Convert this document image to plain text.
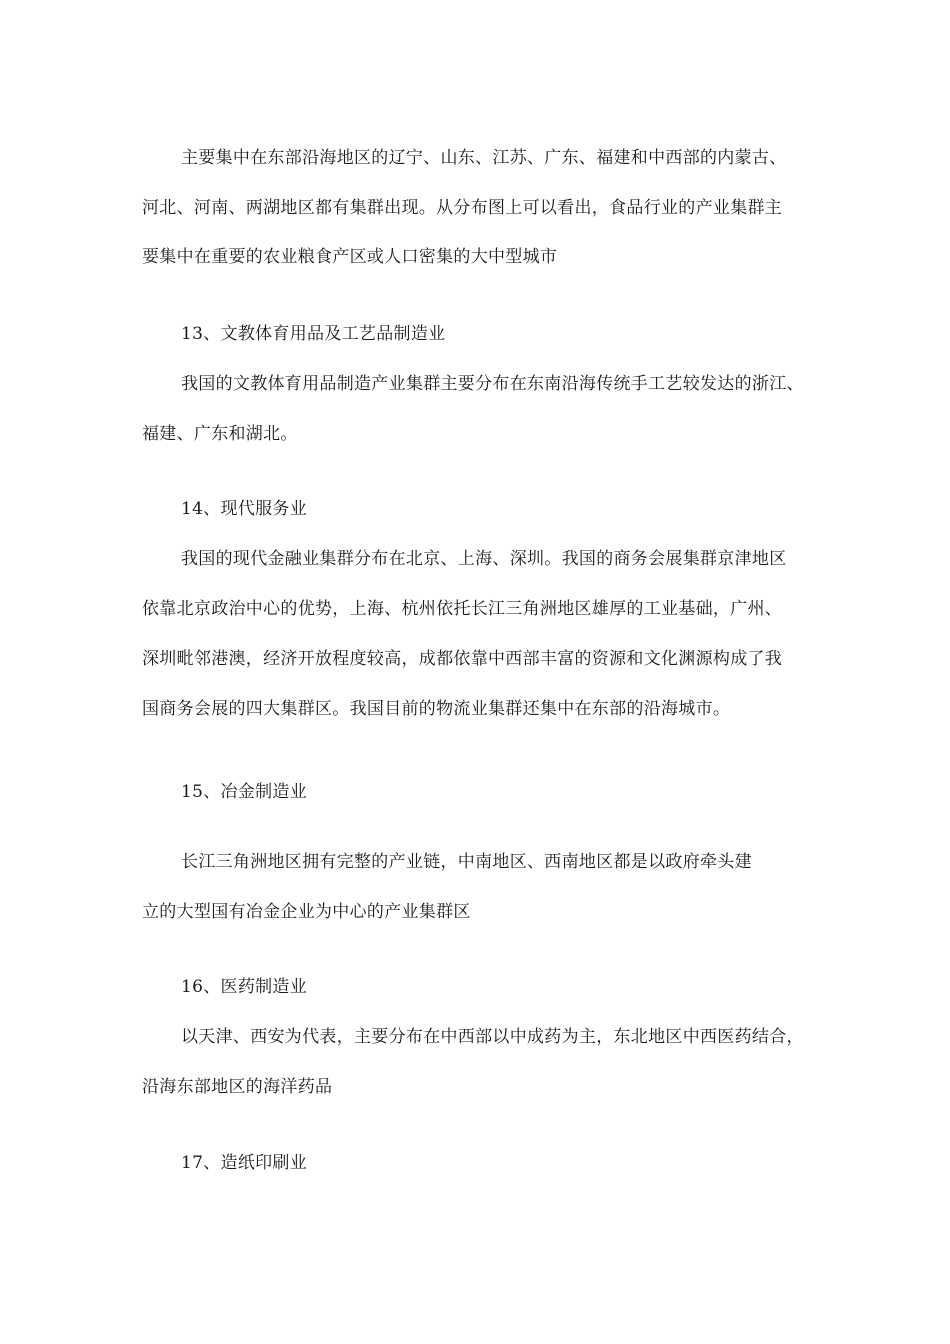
主要集中在东部沿海地区的辽宁、山东、江苏、广东、福建和中西部的内蒙古、
河北、河南、两湖地区都有集群出现。从分布图上可以看出，食品行业的产业集群主
要集中在重要的农业粮食产区或人口密集的大中型城市
13、文教体育用品及工艺品制造业
我国的文教体育用品制造产业集群主要分布在东南沿海传统手工艺较发达的浙江、
福建、广东和湖北。
14、现代服务业
我国的现代金融业集群分布在北京、上海、深圳。我国的商务会展集群京津地区
依靠北京政治中心的优势，上海、杭州依托长江三角洲地区雄厚的工业基础，广州、
深圳毗邻港澳，经济开放程度较高，成都依靠中西部丰富的资源和文化渊源构成了我
国商务会展的四大集群区。我国目前的物流业集群还集中在东部的沿海城市。
15、冶金制造业
长江三角洲地区拥有完整的产业链，中南地区、西南地区都是以政府牵头建
立的大型国有冶金企业为中心的产业集群区
16、医药制造业
以天津、西安为代表，主要分布在中西部以中成药为主，东北地区中西医药结合，
沿海东部地区的海洋药品
17、造纸印刷业
